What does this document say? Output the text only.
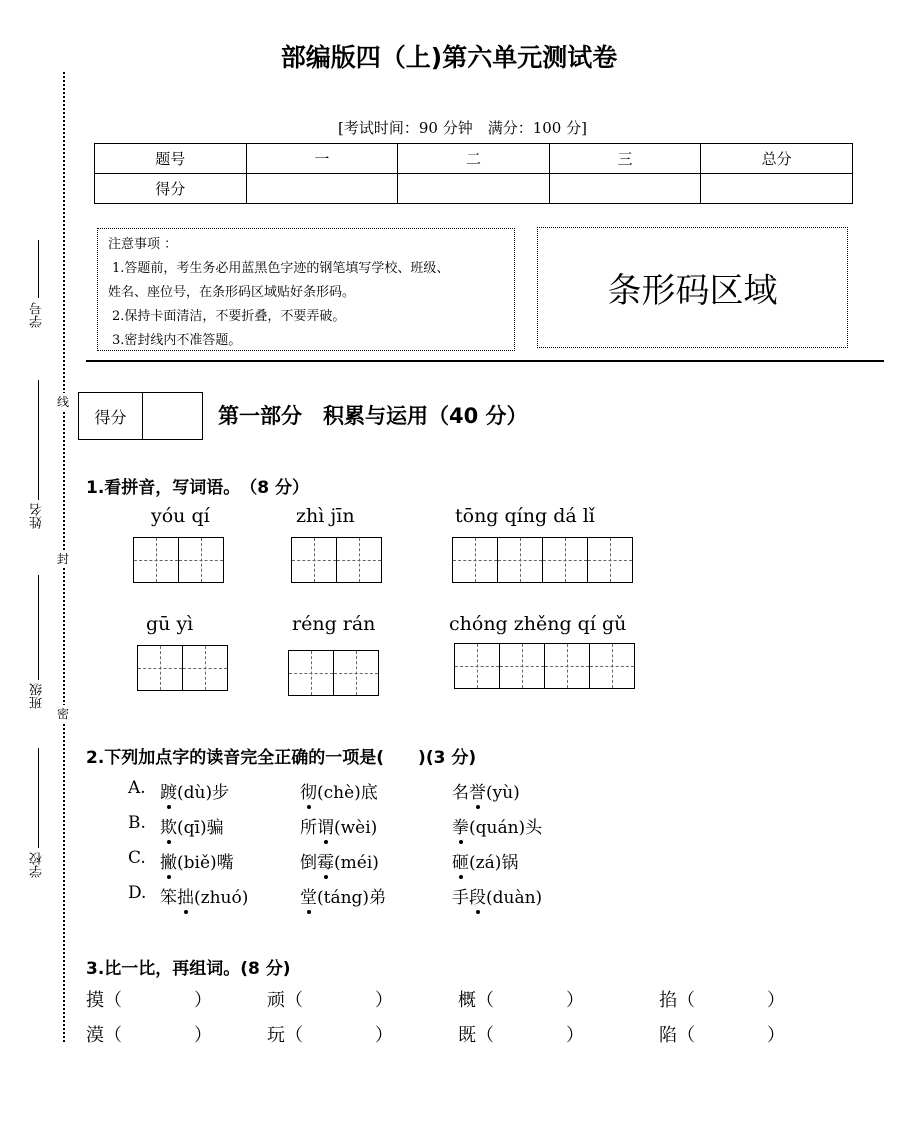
部编版四（上)第六单元测试卷
[考试时间：90 分钟　满分：100 分]
题号	一	二	三	总分
得分				
注意事项 ：
1.答题前，考生务必用蓝黑色字迹的钢笔填写学校、班级、
姓名、座位号，在条形码区域贴好条形码。
2.保持卡面清洁，不要折叠，不要弄破。
3.密封线内不准答题。
条形码区域
线
封
密
学号
姓名
班级
学校
得分	第一部分　积累与运用（40 分）
1.看拼音，写词语。　（8 分）
yóu qí	zhì jīn	tōng qíng dá lǐ
gū yì	réng rán	chóng zhěng qí gǔ
2.下列加点字的读音完全正确的一项是(　　)(3 分)
A. 踱(dù)步	彻(chè)底	名誉(yù)
B. 欺(qī)骗	所谓(wèi)	拳(quán)头
C. 撇(biě)嘴	倒霉(méi)	砸(zá)锅
D. 笨拙(zhuó)	堂(táng)弟	手段(duàn)
3.比一比，再组词。(8 分)
摸（　　　　）	顽（　　　　）	概（　　　　）	掐（　　　　）
漠（　　　　）	玩（　　　　）	既（　　　　）	陷（　　　　）
